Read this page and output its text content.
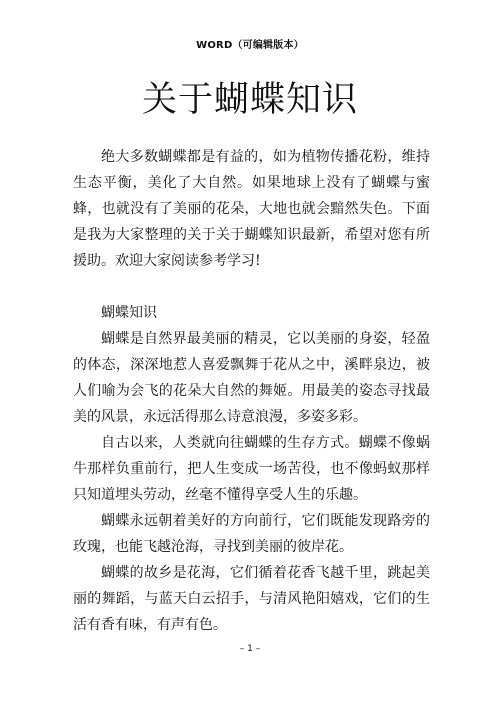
WORD（可编辑版本）
关于蝴蝶知识

绝大多数蝴蝶都是有益的，如为植物传播花粉，维持生态平衡，美化了大自然。如果地球上没有了蝴蝶与蜜蜂，也就没有了美丽的花朵，大地也就会黯然失色。下面是我为大家整理的关于关于蝴蝶知识最新，希望对您有所援助。欢迎大家阅读参考学习!

蝴蝶知识

蝴蝶是自然界最美丽的精灵，它以美丽的身姿，轻盈的体态，深深地惹人喜爱飘舞于花从之中，溪畔泉边，被人们喻为会飞的花朵大自然的舞姬。用最美的姿态寻找最美的风景，永远活得那么诗意浪漫，多姿多彩。

自古以来，人类就向往蝴蝶的生存方式。蝴蝶不像蜗牛那样负重前行，把人生变成一场苦役，也不像蚂蚁那样只知道埋头劳动，丝毫不懂得享受人生的乐趣。

蝴蝶永远朝着美好的方向前行，它们既能发现路旁的玫瑰，也能飞越沧海，寻找到美丽的彼岸花。

蝴蝶的故乡是花海，它们循着花香飞越千里，跳起美丽的舞蹈，与蓝天白云招手，与清风艳阳嬉戏，它们的生活有香有味，有声有色。

– 1 –
